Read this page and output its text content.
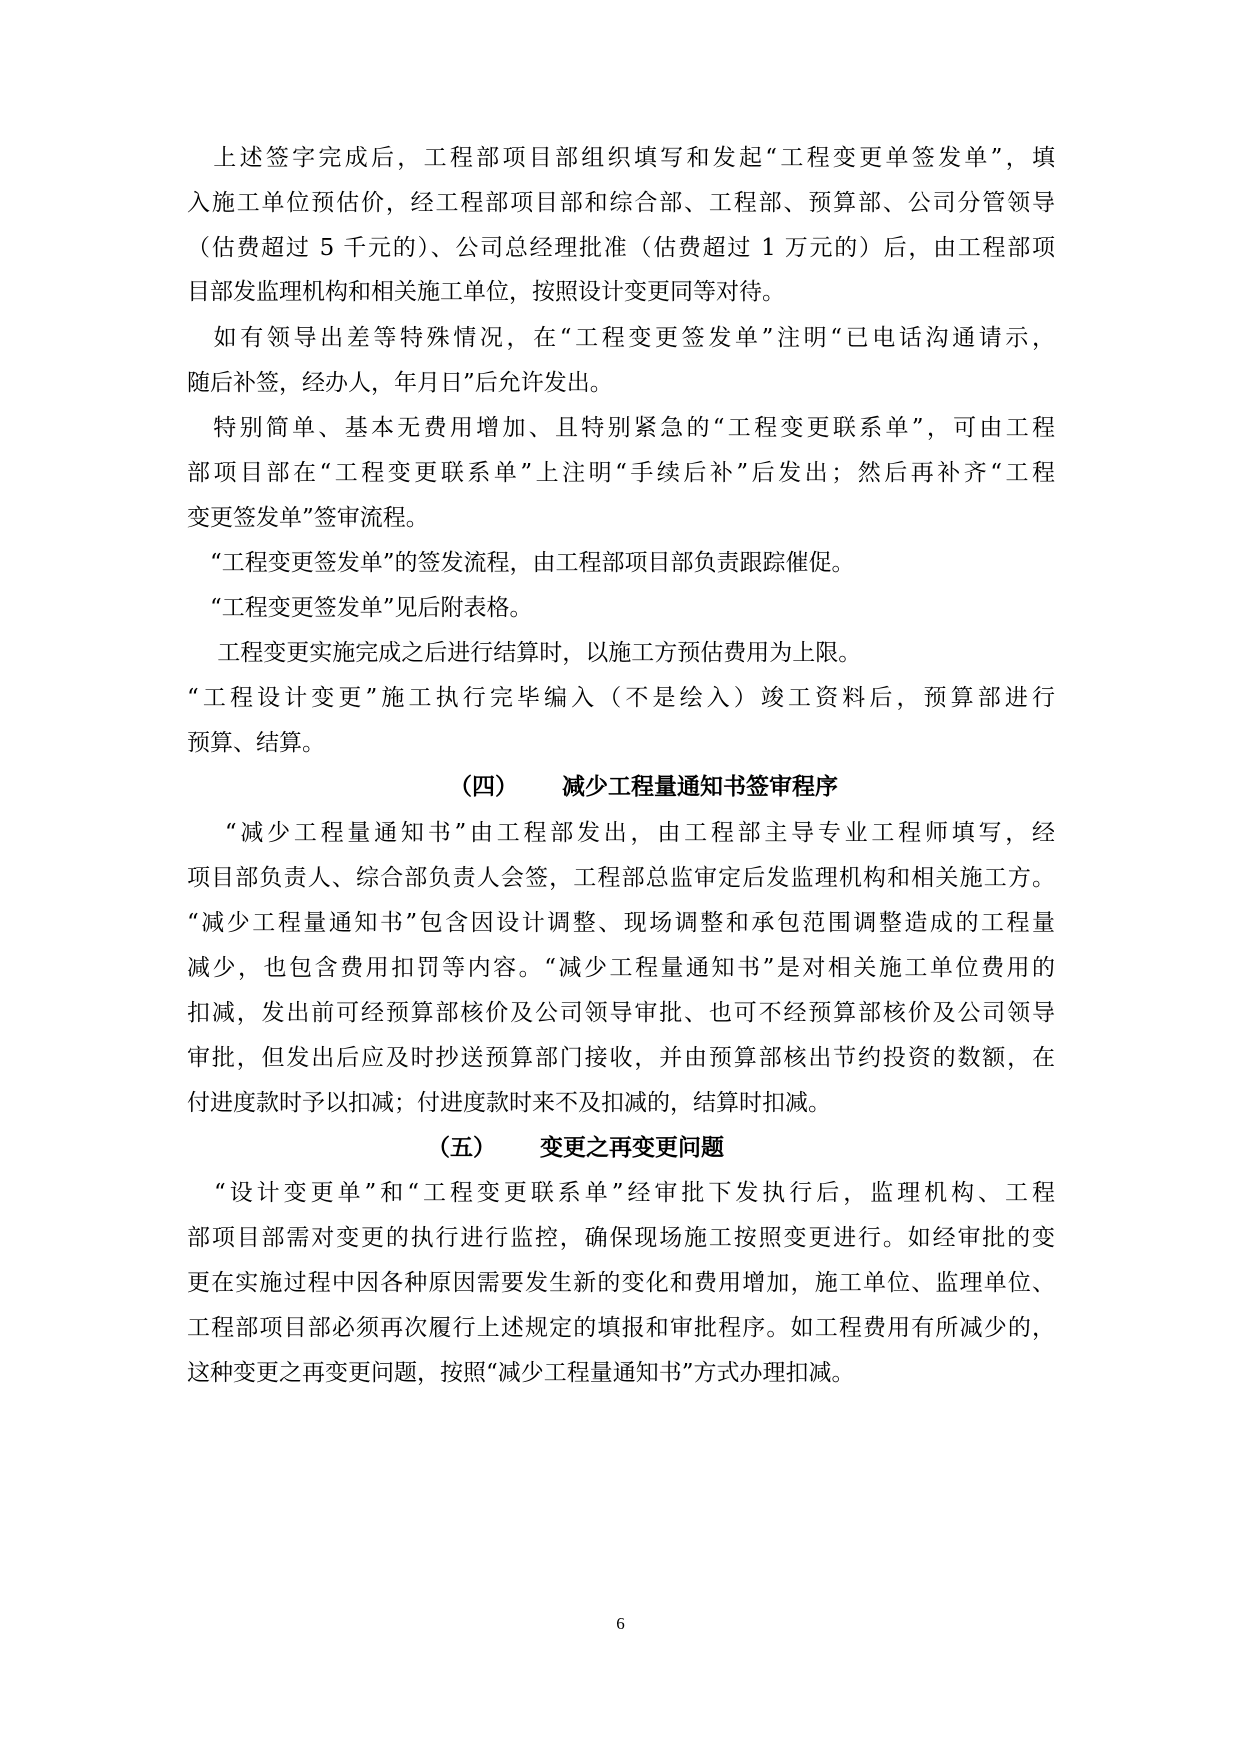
　上述签字完成后，工程部项目部组织填写和发起“工程变更单签发单”，填
入施工单位预估价，经工程部项目部和综合部、工程部、预算部、公司分管领导
（估费超过 5 千元的）、公司总经理批准（估费超过 1 万元的）后，由工程部项
目部发监理机构和相关施工单位，按照设计变更同等对待。
　如有领导出差等特殊情况，在“工程变更签发单”注明“已电话沟通请示，
随后补签，经办人，年月日”后允许发出。
　特别简单、基本无费用增加、且特别紧急的“工程变更联系单”，可由工程
部项目部在“工程变更联系单”上注明“手续后补”后发出；然后再补齐“工程
变更签发单”签审流程。
　“工程变更签发单”的签发流程，由工程部项目部负责跟踪催促。
　“工程变更签发单”见后附表格。
　 工程变更实施完成之后进行结算时，以施工方预估费用为上限。
“工程设计变更”施工执行完毕编入（不是绘入）竣工资料后，预算部进行
预算、结算。
（四） 减少工程量通知书签审程序
　 “减少工程量通知书”由工程部发出，由工程部主导专业工程师填写，经
项目部负责人、综合部负责人会签，工程部总监审定后发监理机构和相关施工方。
“减少工程量通知书”包含因设计调整、现场调整和承包范围调整造成的工程量
减少，也包含费用扣罚等内容。“减少工程量通知书”是对相关施工单位费用的
扣减，发出前可经预算部核价及公司领导审批、也可不经预算部核价及公司领导
审批，但发出后应及时抄送预算部门接收，并由预算部核出节约投资的数额，在
付进度款时予以扣减；付进度款时来不及扣减的，结算时扣减。
（五） 变更之再变更问题
　“设计变更单”和“工程变更联系单”经审批下发执行后，监理机构、工程
部项目部需对变更的执行进行监控，确保现场施工按照变更进行。如经审批的变
更在实施过程中因各种原因需要发生新的变化和费用增加，施工单位、监理单位、
工程部项目部必须再次履行上述规定的填报和审批程序。如工程费用有所减少的，
这种变更之再变更问题，按照“减少工程量通知书”方式办理扣减。
6
